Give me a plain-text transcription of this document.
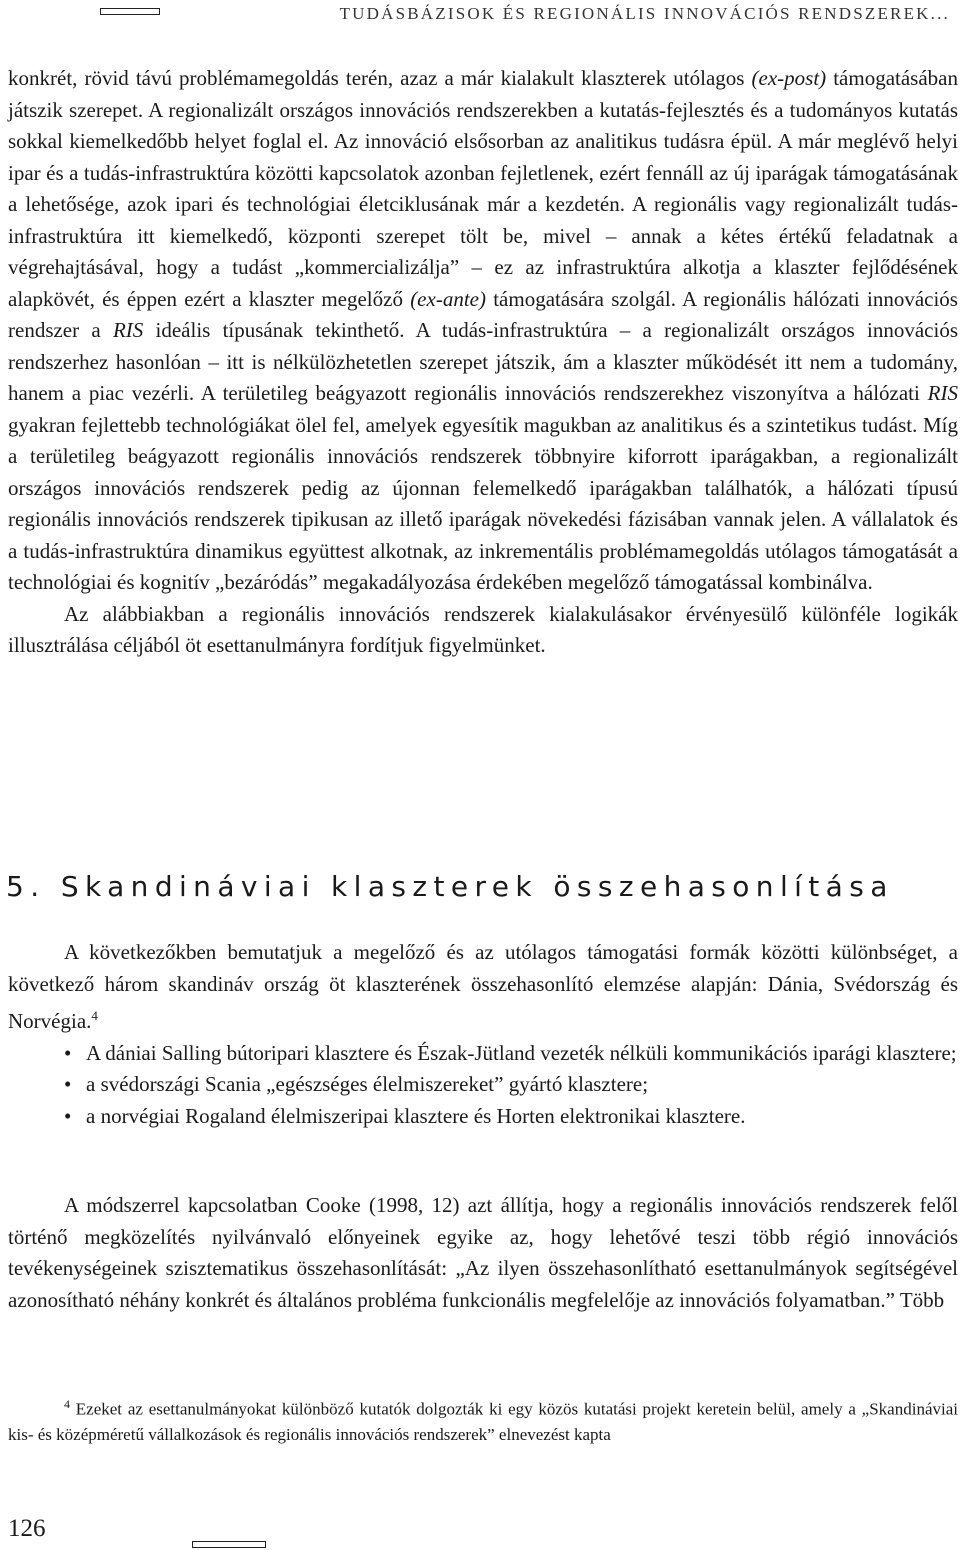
TUDÁSBÁZISOK ÉS REGIONÁLIS INNOVÁCIÓS RENDSZEREK...

konkrét, rövid távú problémamegoldás terén, azaz a már kialakult klaszterek utólagos (ex-post) támogatásában játszik szerepet. A regionalizált országos innovációs rendszerekben a kutatás-fejlesztés és a tudományos kutatás sokkal kiemelkedőbb helyet foglal el. Az innováció elsősorban az analitikus tudásra épül. A már meglévő helyi ipar és a tudás-infrastruktúra közötti kapcsolatok azonban fejletlenek, ezért fennáll az új iparágak támogatásának a lehetősége, azok ipari és technológiai életciklusának már a kezdetén. A regionális vagy regionalizált tudás-infrastruktúra itt kiemelkedő, központi szerepet tölt be, mivel – annak a kétes értékű feladatnak a végrehajtásával, hogy a tudást „kommercializálja” – ez az infrastruktúra alkotja a klaszter fejlődésének alapkövét, és éppen ezért a klaszter megelőző (ex-ante) támogatására szolgál. A regionális hálózati innovációs rendszer a RIS ideális típusának tekinthető. A tudás-infrastruktúra – a regionalizált országos innovációs rendszerhez hasonlóan – itt is nélkülözhetetlen szerepet játszik, ám a klaszter működését itt nem a tudomány, hanem a piac vezérli. A területileg beágyazott regionális innovációs rendszerekhez viszonyítva a hálózati RIS gyakran fejlettebb technológiákat ölel fel, amelyek egyesítik magukban az analitikus és a szintetikus tudást. Míg a területileg beágyazott regionális innovációs rendszerek többnyire kiforrott iparágakban, a regionalizált országos innovációs rendszerek pedig az újonnan felemelkedő iparágakban találhatók, a hálózati típusú regionális innovációs rendszerek tipikusan az illető iparágak növekedési fázisában vannak jelen. A vállalatok és a tudás-infrastruktúra dinamikus együttest alkotnak, az inkrementális problémamegoldás utólagos támogatását a technológiai és kognitív „bezáródás” megakadályozása érdekében megelőző támogatással kombinálva.

Az alábbiakban a regionális innovációs rendszerek kialakulásakor érvényesülő különféle logikák illusztrálása céljából öt esettanulmányra fordítjuk figyelmünket.

5. Skandináviai klaszterek összehasonlítása

A következőkben bemutatjuk a megelőző és az utólagos támogatási formák közötti különbséget, a következő három skandináv ország öt klaszterének összehasonlító elemzése alapján: Dánia, Svédország és Norvégia.$^4$

• A dániai Salling bútoripari klasztere és Észak-Jütland vezeték nélküli kommunikációs iparági klasztere;
• a svédországi Scania „egészséges élelmiszereket” gyártó klasztere;
• a norvégiai Rogaland élelmiszeripai klasztere és Horten elektronikai klasztere.

A módszerrel kapcsolatban Cooke (1998, 12) azt állítja, hogy a regionális innovációs rendszerek felől történő megközelítés nyilvánvaló előnyeinek egyike az, hogy lehetővé teszi több régió innovációs tevékenységeinek szisztematikus összehasonlítását: „Az ilyen összehasonlítható esettanulmányok segítségével azonosítható néhány konkrét és általános probléma funkcionális megfelelője az innovációs folyamatban.” Több

$^4$ Ezeket az esettanulmányokat különböző kutatók dolgozták ki egy közös kutatási projekt keretein belül, amely a „Skandináviai kis- és középméretű vállalkozások és regionális innovációs rendszerek” elnevezést kapta

126
